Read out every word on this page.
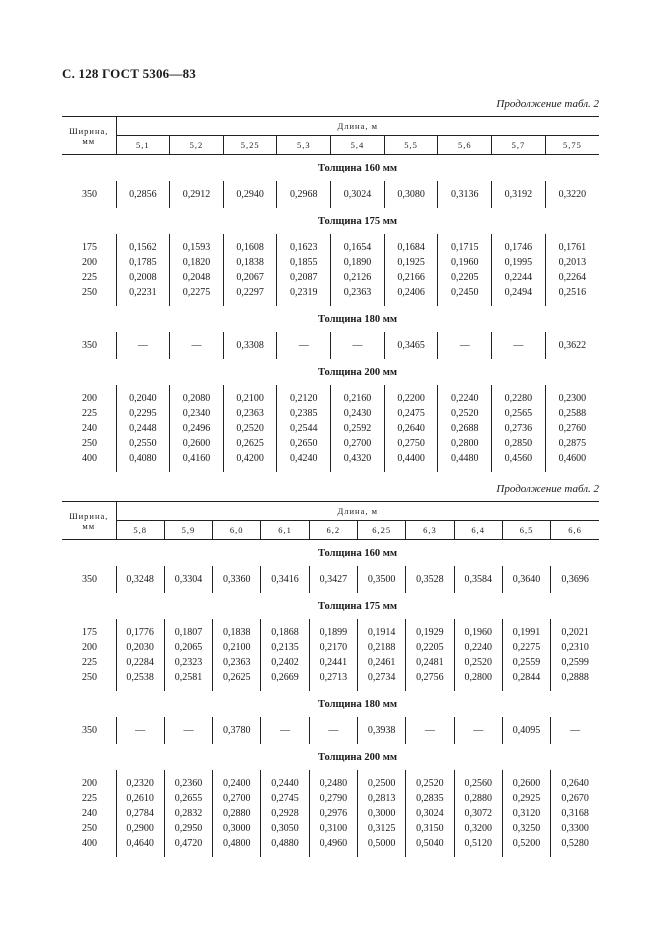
С. 128 ГОСТ 5306—83
Продолжение табл. 2
Ширина, мм	Длина, м								
	5,1	5,2	5,25	5,3	5,4	5,5	5,6	5,7	5,75
	Толщина 160 мм								

350	0,2856	0,2912	0,2940	0,2968	0,3024	0,3080	0,3136	0,3192	0,3220

	Толщина 175 мм								

175	0,1562	0,1593	0,1608	0,1623	0,1654	0,1684	0,1715	0,1746	0,1761
200	0,1785	0,1820	0,1838	0,1855	0,1890	0,1925	0,1960	0,1995	0,2013
225	0,2008	0,2048	0,2067	0,2087	0,2126	0,2166	0,2205	0,2244	0,2264
250	0,2231	0,2275	0,2297	0,2319	0,2363	0,2406	0,2450	0,2494	0,2516

	Толщина 180 мм								

350	—	—	0,3308	—	—	0,3465	—	—	0,3622

	Толщина 200 мм								

200	0,2040	0,2080	0,2100	0,2120	0,2160	0,2200	0,2240	0,2280	0,2300
225	0,2295	0,2340	0,2363	0,2385	0,2430	0,2475	0,2520	0,2565	0,2588
240	0,2448	0,2496	0,2520	0,2544	0,2592	0,2640	0,2688	0,2736	0,2760
250	0,2550	0,2600	0,2625	0,2650	0,2700	0,2750	0,2800	0,2850	0,2875
400	0,4080	0,4160	0,4200	0,4240	0,4320	0,4400	0,4480	0,4560	0,4600

Продолжение табл. 2
Ширина, мм	Длина, м									
	5,8	5,9	6,0	6,1	6,2	6,25	6,3	6,4	6,5	6,6
	Толщина 160 мм									

350	0,3248	0,3304	0,3360	0,3416	0,3427	0,3500	0,3528	0,3584	0,3640	0,3696

	Толщина 175 мм									

175	0,1776	0,1807	0,1838	0,1868	0,1899	0,1914	0,1929	0,1960	0,1991	0,2021
200	0,2030	0,2065	0,2100	0,2135	0,2170	0,2188	0,2205	0,2240	0,2275	0,2310
225	0,2284	0,2323	0,2363	0,2402	0,2441	0,2461	0,2481	0,2520	0,2559	0,2599
250	0,2538	0,2581	0,2625	0,2669	0,2713	0,2734	0,2756	0,2800	0,2844	0,2888

	Толщина 180 мм									

350	—	—	0,3780	—	—	0,3938	—	—	0,4095	—

	Толщина 200 мм									

200	0,2320	0,2360	0,2400	0,2440	0,2480	0,2500	0,2520	0,2560	0,2600	0,2640
225	0,2610	0,2655	0,2700	0,2745	0,2790	0,2813	0,2835	0,2880	0,2925	0,2670
240	0,2784	0,2832	0,2880	0,2928	0,2976	0,3000	0,3024	0,3072	0,3120	0,3168
250	0,2900	0,2950	0,3000	0,3050	0,3100	0,3125	0,3150	0,3200	0,3250	0,3300
400	0,4640	0,4720	0,4800	0,4880	0,4960	0,5000	0,5040	0,5120	0,5200	0,5280
